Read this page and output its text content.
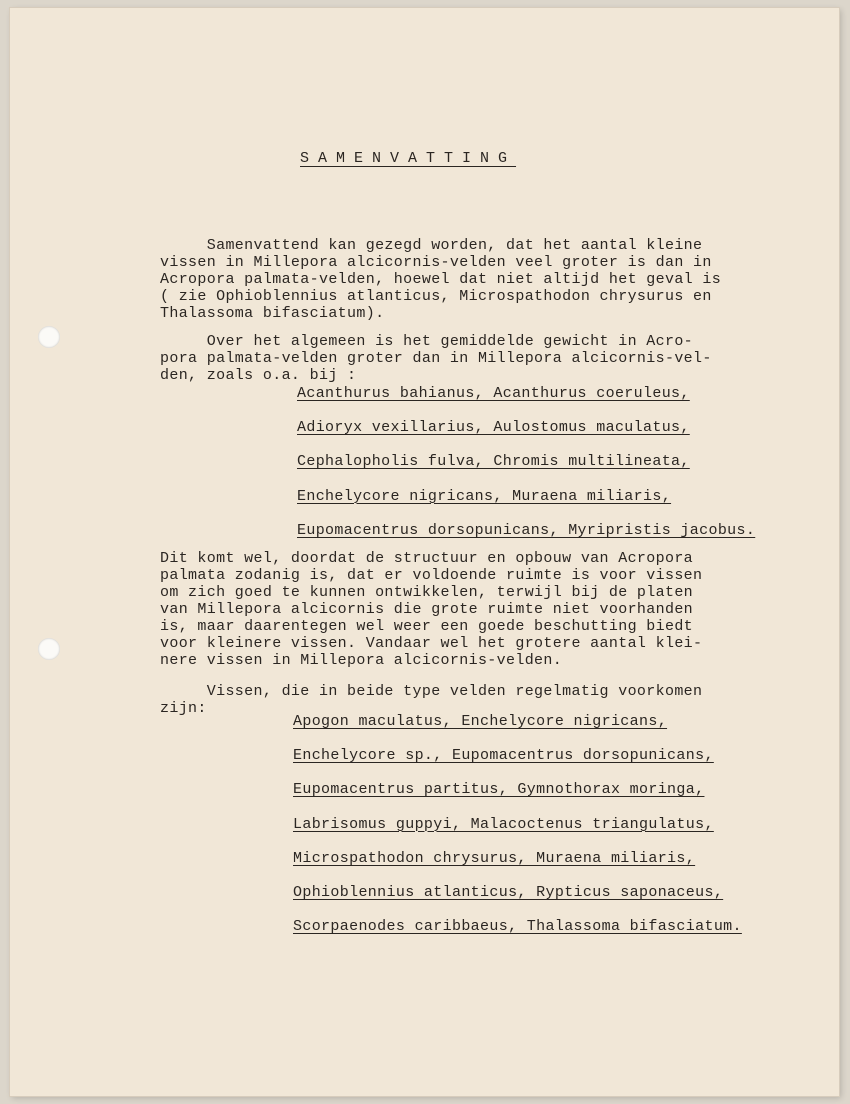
SAMENVATTING
Samenvattend kan gezegd worden, dat het aantal kleine
vissen in Millepora alcicornis-velden veel groter is dan in
Acropora palmata-velden, hoewel dat niet altijd het geval is
( zie Ophioblennius atlanticus, Microspathodon chrysurus en
Thalassoma bifasciatum).
Over het algemeen is het gemiddelde gewicht in Acro-
pora palmata-velden groter dan in Millepora alcicornis-vel-
den, zoals o.a. bij :
Acanthurus bahianus, Acanthurus coeruleus,
Adioryx vexillarius, Aulostomus maculatus,
Cephalopholis fulva, Chromis multilineata,
Enchelycore nigricans, Muraena miliaris,
Eupomacentrus dorsopunicans, Myripristis jacobus.
Dit komt wel, doordat de structuur en opbouw van Acropora
palmata zodanig is, dat er voldoende ruimte is voor vissen
om zich goed te kunnen ontwikkelen, terwijl bij de platen
van Millepora alcicornis die grote ruimte niet voorhanden
is, maar daarentegen wel weer een goede beschutting biedt
voor kleinere vissen. Vandaar wel het grotere aantal klei-
nere vissen in Millepora alcicornis-velden.
Vissen, die in beide type velden regelmatig voorkomen
zijn:
Apogon maculatus, Enchelycore nigricans,
Enchelycore sp., Eupomacentrus dorsopunicans,
Eupomacentrus partitus, Gymnothorax moringa,
Labrisomus guppyi, Malacoctenus triangulatus,
Microspathodon chrysurus, Muraena miliaris,
Ophioblennius atlanticus, Rypticus saponaceus,
Scorpaenodes caribbaeus, Thalassoma bifasciatum.
